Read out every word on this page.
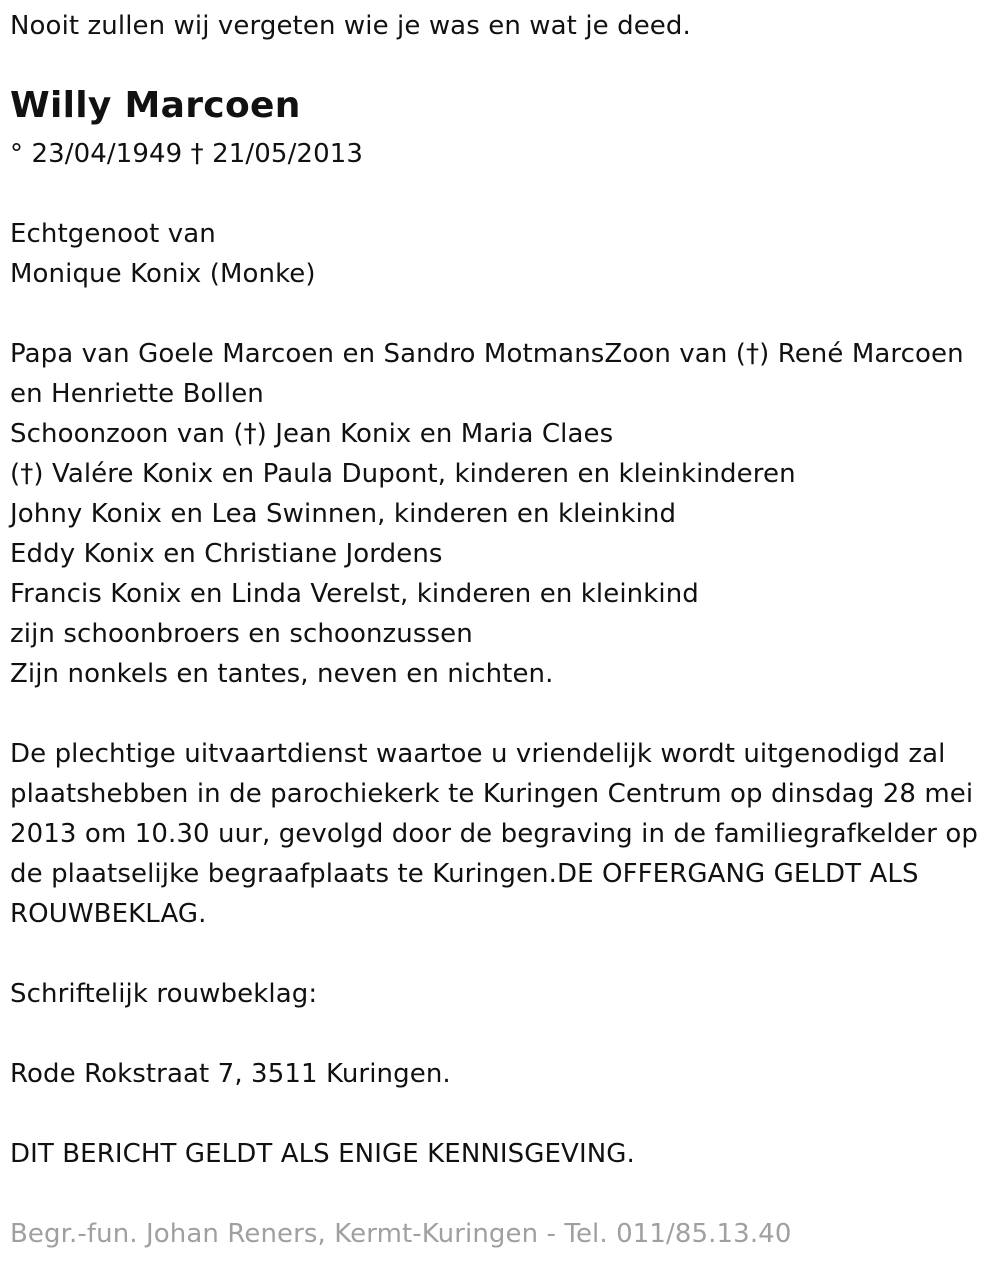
Nooit zullen wij vergeten wie je was en wat je deed.
Willy Marcoen
° 23/04/1949 † 21/05/2013
Echtgenoot van
Monique Konix (Monke)
Papa van Goele Marcoen en Sandro MotmansZoon van (†) René Marcoen
en Henriette Bollen
Schoonzoon van (†) Jean Konix en Maria Claes
(†) Valére Konix en Paula Dupont, kinderen en kleinkinderen
Johny Konix en Lea Swinnen, kinderen en kleinkind
Eddy Konix en Christiane Jordens
Francis Konix en Linda Verelst, kinderen en kleinkind
zijn schoonbroers en schoonzussen
Zijn nonkels en tantes, neven en nichten.
De plechtige uitvaartdienst waartoe u vriendelijk wordt uitgenodigd zal
plaatshebben in de parochiekerk te Kuringen Centrum op dinsdag 28 mei
2013 om 10.30 uur, gevolgd door de begraving in de familiegrafkelder op
de plaatselijke begraafplaats te Kuringen.DE OFFERGANG GELDT ALS
ROUWBEKLAG.
Schriftelijk rouwbeklag:
Rode Rokstraat 7, 3511 Kuringen.
DIT BERICHT GELDT ALS ENIGE KENNISGEVING.
Begr.-fun. Johan Reners, Kermt-Kuringen - Tel. 011/85.13.40
